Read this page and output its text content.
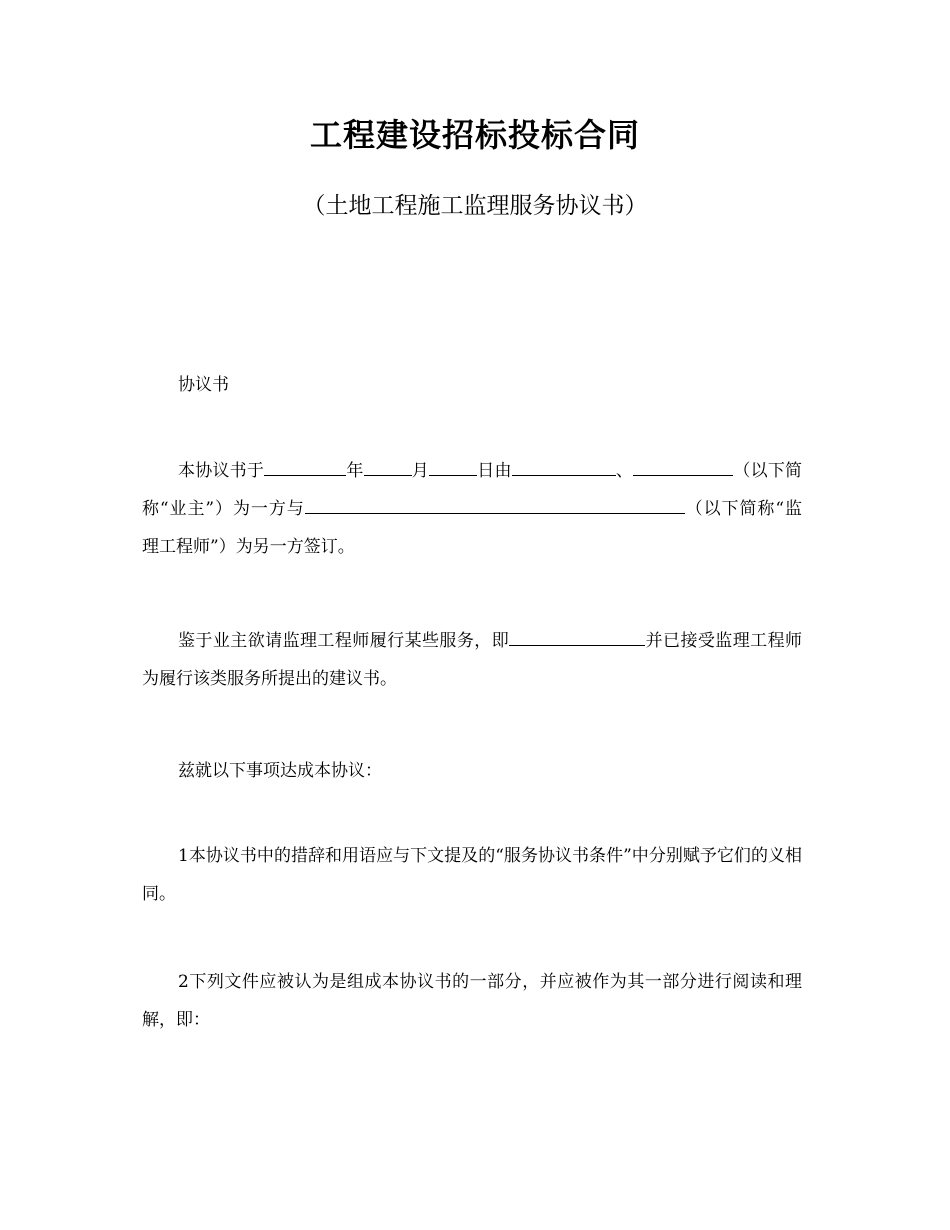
工程建设招标投标合同
（土地工程施工监理服务协议书）

协议书

本协议书于	年	月	日由	、	（以下简称“业主”）为一方与	（以下简称“监理工程师”）为另一方签订。

鉴于业主欲请监理工程师履行某些服务，即	并已接受监理工程师为履行该类服务所提出的建议书。

兹就以下事项达成本协议：

1本协议书中的措辞和用语应与下文提及的“服务协议书条件”中分别赋予它们的义相同。

2下列文件应被认为是组成本协议书的一部分，并应被作为其一部分进行阅读和理解，即：
